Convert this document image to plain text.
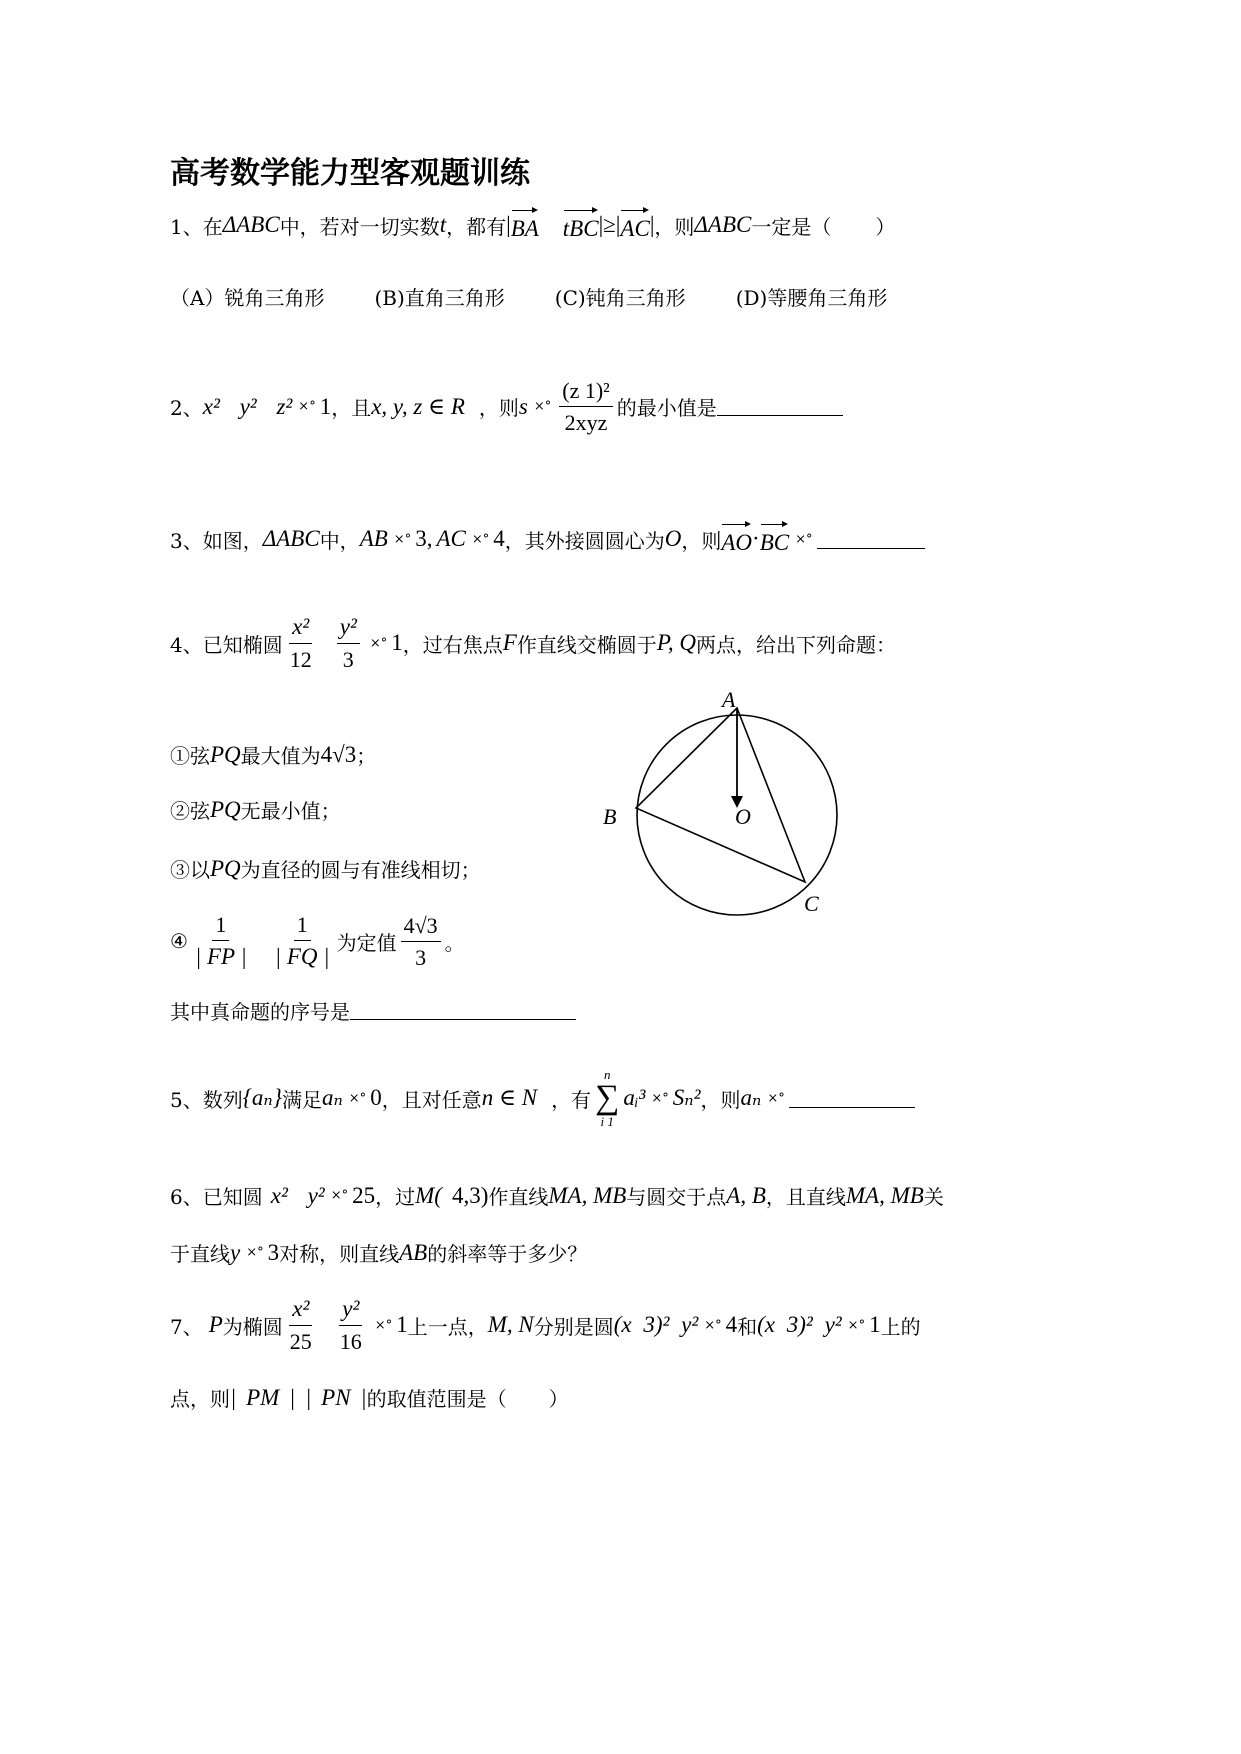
高考数学能力型客观题训练
1、 在 ΔABC 中，若对一切实数 t ，都有 | BA tBC |≥| AC | ，则 ΔABC 一定是（ ）
（A）锐角三角形	(B)直角三角形	(C)钝角三角形	(D)等腰角三角形
2、 x² y² z² ×° 1 ，且 x, y, z ∈ R ，则 s ×° $\frac{\text{(z 1)²}}{\text{2xyz}}$ 的最小值是
3、 如图， ΔABC 中， AB ×° 3, AC ×° 4 ，其外接圆圆心为 O ，则 AO · BC ×°
4、 已知椭圆 $\frac{\text{x²}}{12} \frac{\text{y²}}{3}$ ×° 1 ，过右焦点 F 作直线交椭圆于 P, Q 两点，给出下列命题：
①弦 PQ 最大值为 4√3 ；
②弦 PQ 无最小值；
③以 PQ 为直径的圆与有准线相切；
④ $\frac{1}{| FP |} \frac{1}{| FQ |}$ 为定值 $\frac{4√3}{3}$ 。
其中真命题的序号是
A
B
C
O
5、 数列 {aₙ} 满足 aₙ ×° 0 ，且对任意 n ∈ N ，有
n
∑
i 1
aᵢ³ ×° Sₙ² ，则 aₙ ×°
6、 已知圆 x² y² ×° 25 ，过 M( 4,3) 作直线 MA, MB 与圆交于点 A, B ，且直线 MA, MB 关
于直线 y ×° 3 对称，则直线 AB 的斜率等于多少？
7、 P 为椭圆 $\frac{\text{x²}}{25} \frac{\text{y²}}{16}$ ×° 1 上一点， M, N 分别是圆 (x 3)² y² ×° 4 和 (x 3)² y² ×° 1 上的
点，则 | PM | | PN | 的取值范围是（ ）
